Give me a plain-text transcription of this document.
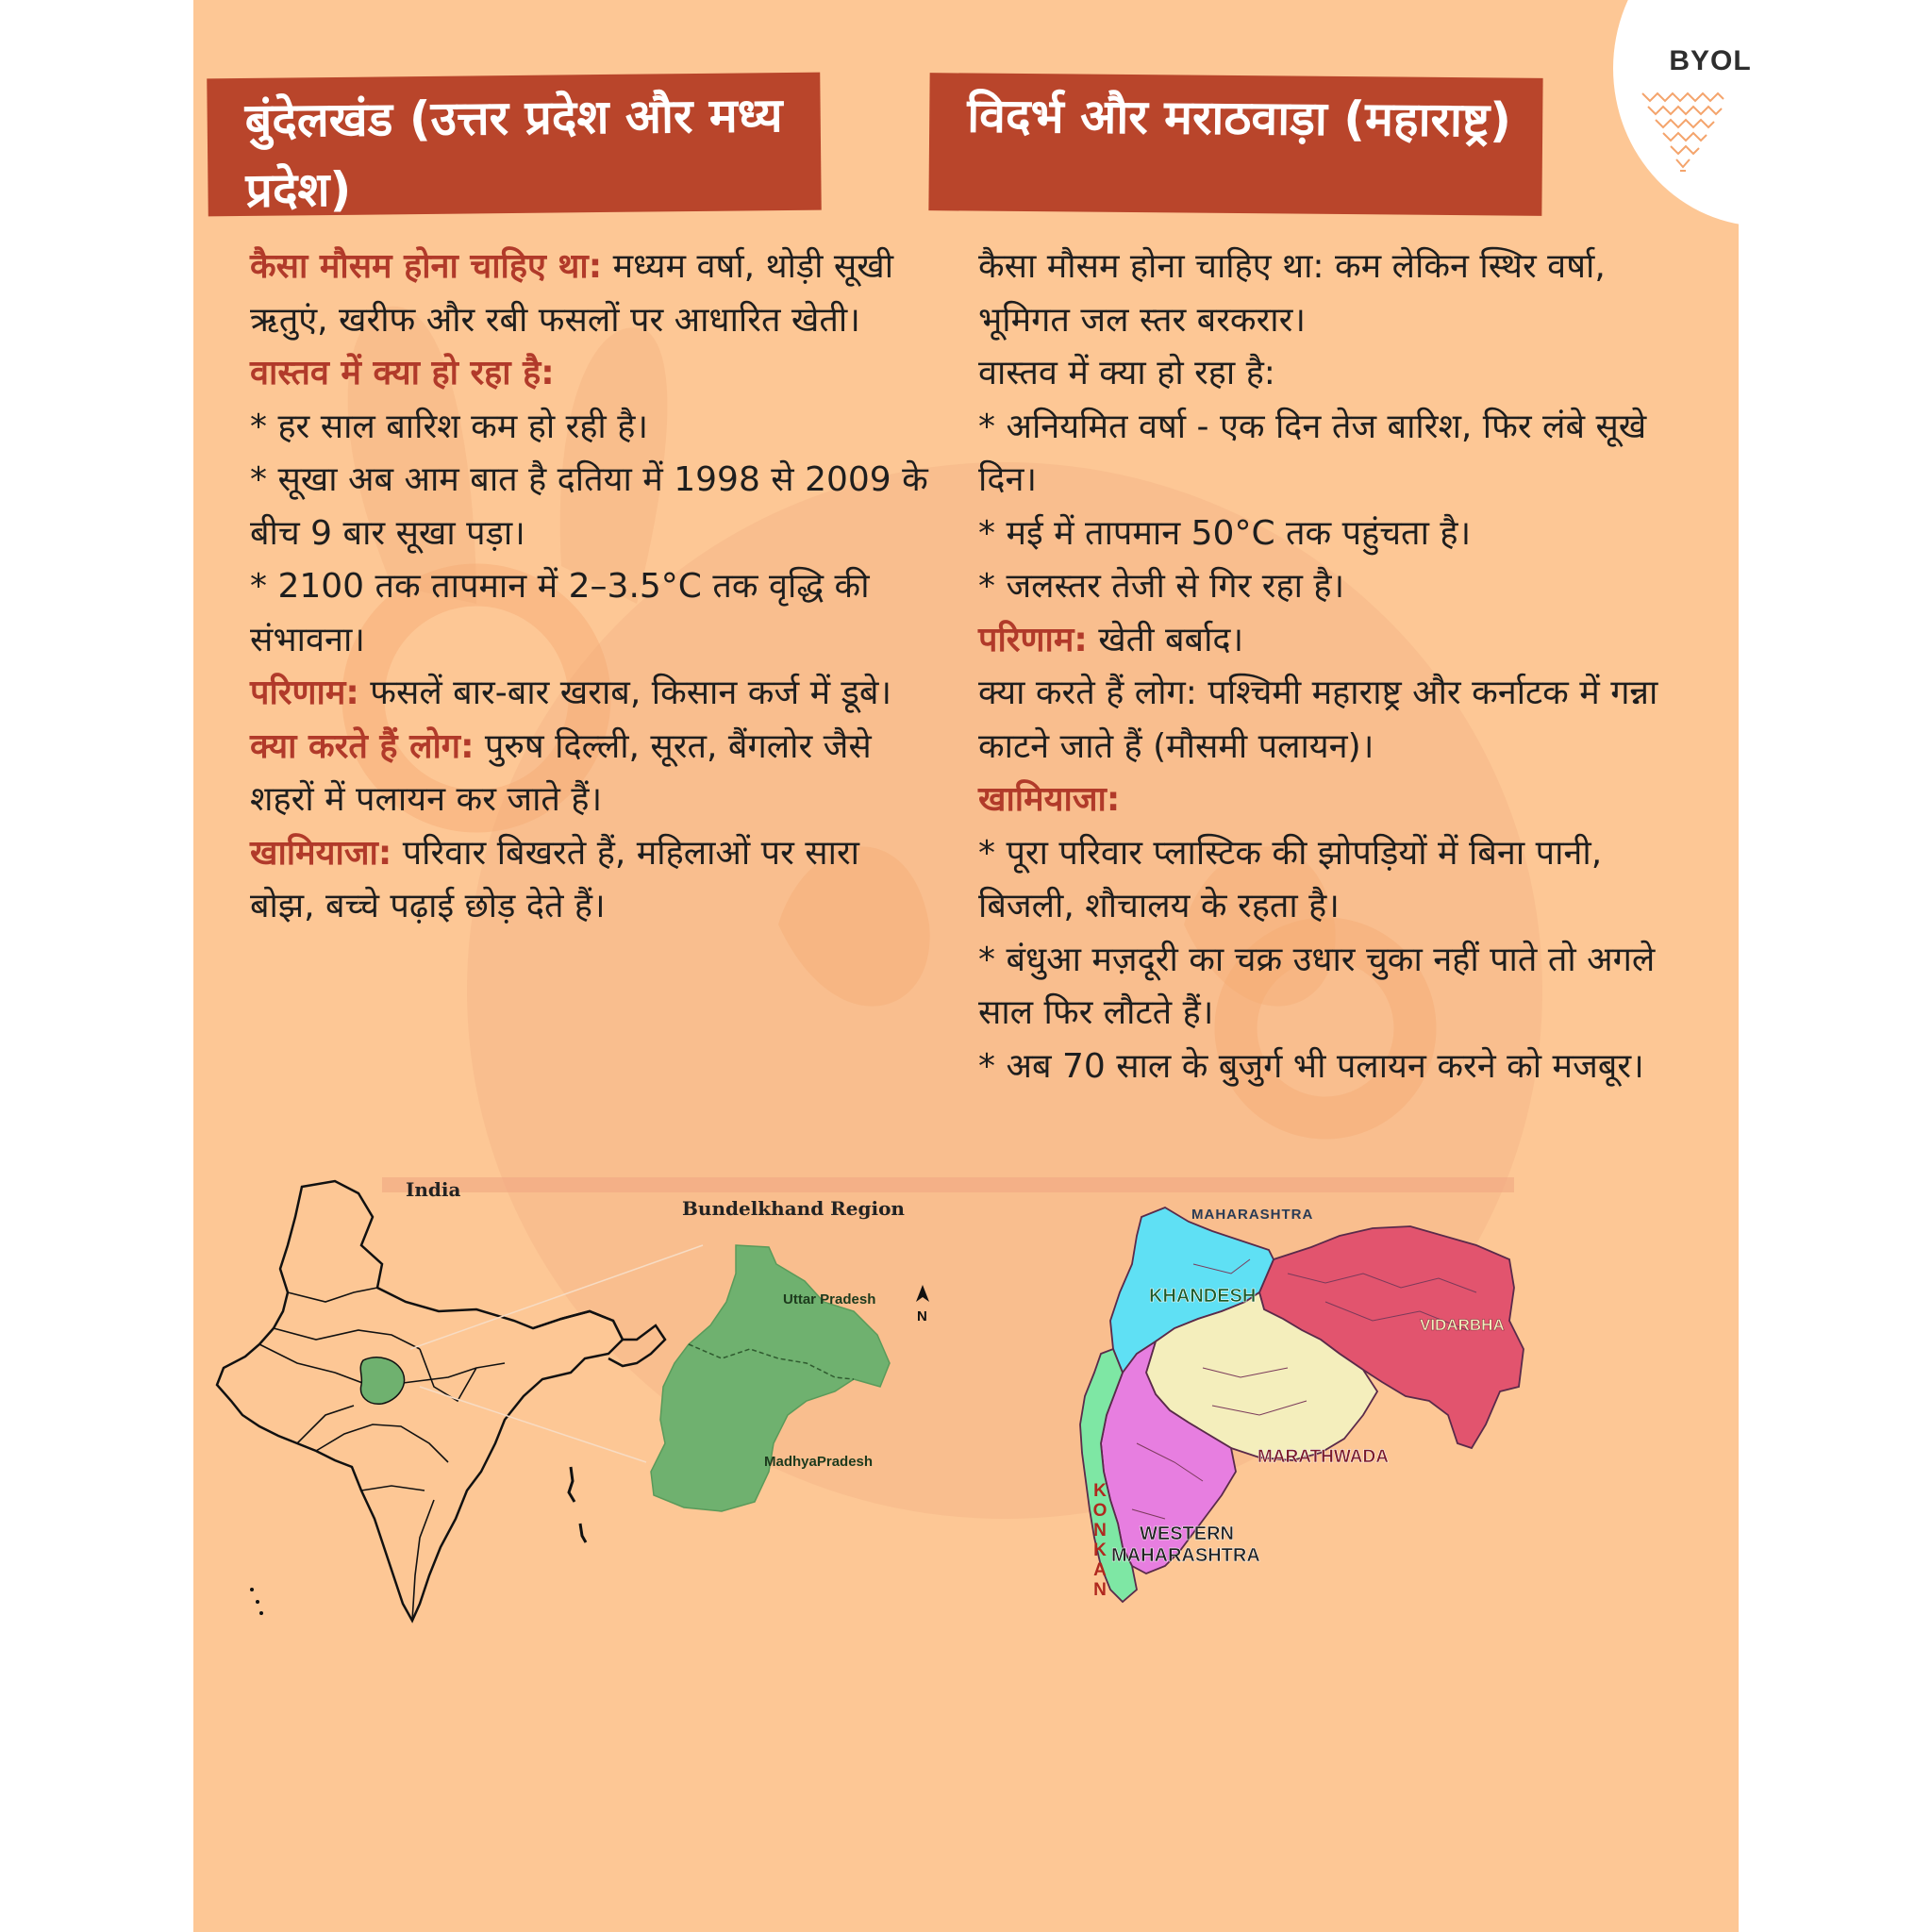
BYOL
बुंदेलखंड (उत्तर प्रदेश और मध्य प्रदेश)
विदर्भ और मराठवाड़ा (महाराष्ट्र)

कैसा मौसम होना चाहिए था: मध्यम वर्षा, थोड़ी सूखी ऋतुएं, खरीफ और रबी फसलों पर आधारित खेती।

वास्तव में क्या हो रहा है:

* हर साल बारिश कम हो रही है।

* सूखा अब आम बात है दतिया में 1998 से 2009 के बीच 9 बार सूखा पड़ा।

* 2100 तक तापमान में 2–3.5°C तक वृद्धि की संभावना।

परिणाम: फसलें बार-बार खराब, किसान कर्ज में डूबे।

क्या करते हैं लोग: पुरुष दिल्ली, सूरत, बैंगलोर जैसे शहरों में पलायन कर जाते हैं।

खामियाजा: परिवार बिखरते हैं, महिलाओं पर सारा बोझ, बच्चे पढ़ाई छोड़ देते हैं।

कैसा मौसम होना चाहिए था: कम लेकिन स्थिर वर्षा, भूमिगत जल स्तर बरकरार।

वास्तव में क्या हो रहा है:

* अनियमित वर्षा - एक दिन तेज बारिश, फिर लंबे सूखे दिन।

* मई में तापमान 50°C तक पहुंचता है।

* जलस्तर तेजी से गिर रहा है।

परिणाम: खेती बर्बाद।

क्या करते हैं लोग: पश्चिमी महाराष्ट्र और कर्नाटक में गन्ना काटने जाते हैं (मौसमी पलायन)।

खामियाजा:

* पूरा परिवार प्लास्टिक की झोपड़ियों में बिना पानी, बिजली, शौचालय के रहता है।

* बंधुआ मज़दूरी का चक्र उधार चुका नहीं पाते तो अगले साल फिर लौटते हैं।

* अब 70 साल के बुजुर्ग भी पलायन करने को मजबूर।

India
Bundelkhand Region
Uttar Pradesh
MadhyaPradesh
N
MAHARASHTRA
KHANDESH
VIDARBHA
MARATHWADA
WESTERN
MAHARASHTRA
KONKAN
